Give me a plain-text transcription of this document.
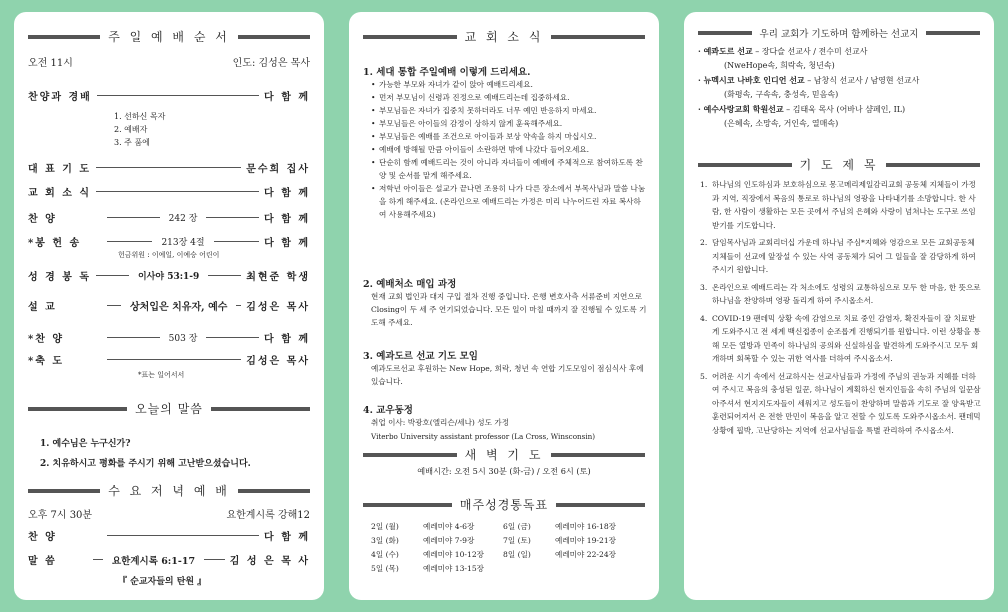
주 일 예 배 순 서
오전 11시	인도: 김성은 목사
찬양과 경배	다 함 께
1. 선하신 목자
2. 예배자
3. 주 품에
대 표 기 도	문수희 집사
교 회 소 식	다 함 께
찬 양	242 장	다 함 께
*봉 헌 송	213장 4절	다 함 께
헌금위원 : 이예일, 이예승 어린이
성 경 봉 독	이사야 53:1-9	최현준 학생
설 교	상처입은 치유자, 예수	김성은 목사
*찬 양	503 장	다 함 께
*축 도	김성은 목사
*표는 일어서서
오늘의 말씀
1. 예수님은 누구신가?
2. 치유하시고 평화를 주시기 위해 고난받으셨습니다.
수 요 저 녁 예 배
오후 7시 30분	요한계시록 강해12
찬 양	다 함 께
말 씀	요한계시록 6:1-17	김 성 은 목 사
『 순교자들의 탄원 』
교 회 소 식
1. 세대 통합 주일예배 이렇게 드리세요.
• 가능한 부모와 자녀가 같이 앉아 예배드리세요.
• 먼저 부모님이 신령과 진정으로 예배드리는데 집중하세요.
• 부모님들은 자녀가 집중치 못하더라도 너무 예민 반응하지 마세요.
• 부모님들은 아이들의 감정이 상하지 않게 훈육해주세요.
• 부모님들은 예배를 조건으로 아이들과 보상 약속을 하지 마십시오.
• 예배에 방해될 만큼 아이들이 소란하면 밖에 나갔다 들어오세요.
• 단순히 함께 예배드리는 것이 아니라 자녀들이 예배에 주체적으로 참여하도록 찬양 및 순서를 맡게 해주세요.
• 저학년 아이들은 설교가 끝나면 조용히 나가 다른 장소에서 부목사님과 말씀 나눔을 하게 해주세요. (온라인으로 예배드리는 가정은 미리 나누어드린 자료 복사하여 사용해주세요)
2. 예배처소 매입 과정
현재 교회 법인과 대지 구입 절차 진행 중입니다. 은행 변호사측 서류준비 지연으로 Closing이 두 세 주 연기되었습니다. 모든 일이 마칠 때까지 잘 진행될 수 있도록 기도해 주세요.
3. 예과도르 선교 기도 모임
예과도르선교 후원하는 New Hope, 희락, 청년 속 연합 기도모임이 점심식사 후에 있습니다.
4. 교우동정
취업 이사: 박광호(엘리슨/세나) 성도 가정
Viterbo University assistant professor (La Cross, Winsconsin)
새 벽 기 도
예배시간: 오전 5시 30분 (화-금) / 오전 6시 (토)
매주성경통독표
2일 (월)	예레미야 4-6장	6일 (금)	예레미야 16-18장
3일 (화)	예레미야 7-9장	7일 (토)	예레미야 19-21장
4일 (수)	예레미야 10-12장	8일 (일)	예레미야 22-24장
5일 (목)	예레미야 13-15장
우리 교회가 기도하며 함께하는 선교지
· 예콰도르 선교 – 장다슬 선교사 / 전수미 선교사
(NweHope속, 희락속, 청년속)
· 뉴멕시코 나바호 인디언 선교 – 남창식 선교사 / 남영현 선교사
(화평속, 구속속, 충성속, 믿음속)
· 예수사랑교회 학원선교 – 김태욱 목사 (어바나 샴페인, IL)
(은혜속, 소망속, 거인속, 열매속)
기 도 제 목
1. 하나님의 인도하심과 보호하심으로 몽고메리제일감리교회 공동체 지체들이 가정과 지역, 직장에서 복음의 통로로 하나님의 영광을 나타내기를 소망합니다. 한 사람, 한 사람이 생활하는 모든 곳에서 주님의 은혜와 사랑이 넘쳐나는 도구로 쓰임받기를 기도합니다.
2. 담임목사님과 교회리더십 가운데 하나님 주심*지혜와 영감으로 모든 교회공동체 지체들이 선교에 앞장설 수 있는 사역 공동체가 되어 그 일들을 잘 감당하게 하여 주시기 원합니다.
3. 온라인으로 예배드리는 각 처소에도 성령의 교통하심으로 모두 한 마음, 한 뜻으로 하나님을 찬양하며 영광 돌리게 하여 주시옵소서.
4. COVID-19 팬데믹 상황 속에 감염으로 치료 중인 감염자, 확진자들이 잘 치료받게 도와주시고 전 세계 백신접종이 순조롭게 진행되기를 원합니다. 이런 상황을 통해 모든 열방과 민족이 하나님의 공의와 신실하심을 발견하게 도와주시고 모두 회개하며 회복할 수 있는 귀한 역사를 더하여 주시옵소서.
5. 어려운 시기 속에서 선교하시는 선교사님들과 가정에 주님의 권능과 지혜를 더하여 주시고 복음의 충성된 일꾼, 하나님이 계획하신 현지인들을 속히 주님의 일꾼삼아주셔서 현지지도자들이 세워지고 성도들이 찬양하며 말씀과 기도로 잘 양육받고 훈련되어져서 온 전한 만민이 복음을 알고 전할 수 있도록 도와주시옵소서. 팬데믹 상황에 핍박, 고난당하는 지역에 선교사님들을 특별 관리하여 주시옵소서.
